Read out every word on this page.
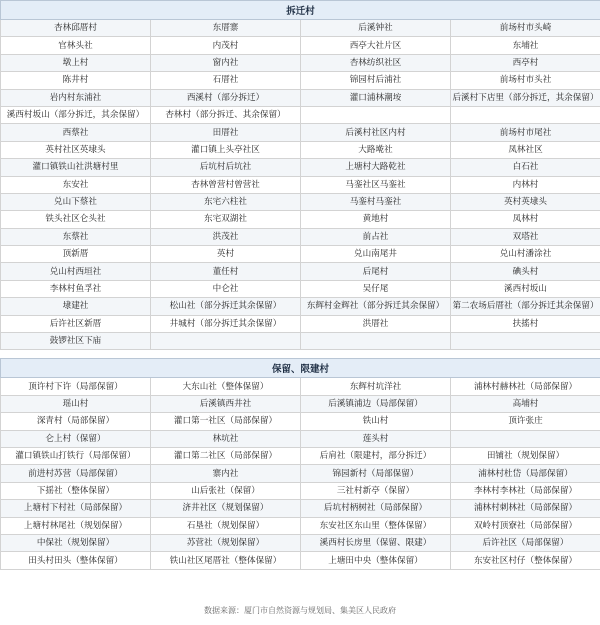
拆迁村			
杏林邱厝村	东厝寨	后溪钟社	前场村市头崎
官林头社	内茂村	西亭大社片区	东埔社
墩上村	窗内社	杏林纺织社区	西亭村
陈井村	石厝社	锦园村后浦社	前场村市头社
岩内村东浦社	西溪村（部分拆迁）	灌口浦林潮垵	后溪村下店里（部分拆迁，其余保留）
溪西村坂山（部分拆迁，其余保留）	杏林村（部分拆迁、其余保留）		
西蔡社	田厝社	后溪村社区内村	前场村市尾社
英村社区英埭头	灌口镇上头亭社区	大路墘社	凤林社区
灌口镇铁山社洪塘村里	后坑村后坑社	上塘村大路乾社	白石社
东安社	杏林曾营村曾营社	马銮社区马銮社	内林村
兑山下蔡社	东宅六柱社	马銮村马銮社	英村英埭头
铁头社区仑头社	东宅双湖社	黄地村	凤林村
东蔡社	洪茂社	前占社	双塔社
顶新厝	英村	兑山南尾井	兑山村潘涂社
兑山村西垣社	董任村	后尾村	碘头村
李林村鱼孚社	中仑社	吴仔尾	溪西村坂山
埭建社	松山社（部分拆迁其余保留）	东辉村金辉社（部分拆迁其余保留）	第二农场后厝社（部分拆迁其余保留）
后许社区新厝	井城村（部分拆迁其余保留）	洪厝社	扶搖村
鼓锣社区下庙			

保留、限建村			
顶许村下许（局部保留）	大东山社（整体保留）	东辉村坑洋社	浦林村赫林社（局部保留）
瑶山村	后溪镇西井社	后溪镇浦边（局部保留）	高埔村
深青村（局部保留）	灌口第一社区（局部保留）	铁山村	顶许张庄
仑上村（保留）	林坑社	莲头村	
灌口镇铁山打铁行（局部保留）	灌口第二社区（局部保留）	后肩社（限建村，部分拆迁）	田铺社（规划保留）
前进村苏营（局部保留）	寨内社	锦园新村（局部保留）	浦林村杜岱（局部保留）
下揺社（整体保留）	山后张社（保留）	三社村新亭（保留）	李林村李林社（局部保留）
上塘村下村社（局部保留）	济井社区（规划保留）	后坑村柄树社（局部保留）	浦林村刺林社（局部保留）
上塘村林尾社（规划保留）	石垦社（规划保留）	东安社区东山里（整体保留）	双岭村顶寮社（局部保留）
中保社（规划保留）	苏营社（规划保留）	溪西村长房里（保留、限建）	后许社区（局部保留）
田头村田头（整体保留）	铁山社区尾厝社（整体保留）	上塘田中央（整体保留）	东安社区村仔（整体保留）
数据来源：厦门市自然资源与规划局、集美区人民政府
